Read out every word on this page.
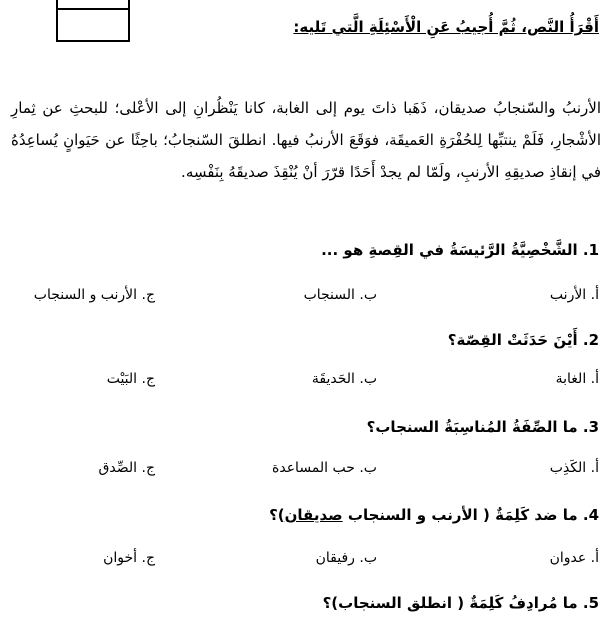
أَقْرَأُ النَّص، ثُمَّ أُجيبُ عَنِ الْأَسْئِلَةِ الَّتي تَليه:
الأرنبُ والسّنجابُ صديقان، ذَهَبا ذاتَ يوم إلى الغابة، كانا يَنْظُرانِ إلى الأعْلى؛ للبحثِ عن ثِمارِ الأشْجارِ، فَلَمْ ينتبِّها لِلحُفْرَةِ العَميقَة، فوَقَعَ الأرنبُ فيها. انطلقَ السّنجابُ؛ باحِثًا عن حَيَوانٍ يُساعِدُهُ في إنقاذِ صديقِهِ الأرنبِ، ولَمّا لم يجدْ أَحَدًا قرّرَ أنْ يُنْقِذَ صديقَهُ بِنَفْسِه.
1. الشَّخْصِيَّةُ الرَّئيسَةُ في القِصةِ هو ...
أ. الأرنب
ب. السنجاب
ج. الأرنب و السنجاب
2. أَيْنَ حَدَثَتْ القِصّة؟
أ. الغابة
ب. الحَديقَة
ج. البَيْت
3. ما الصِّفَةُ المُناسِبَةُ السنجاب؟
أ. الكَذِب
ب. حب المساعدة
ج. الصِّدق
4. ما ضد كَلِمَةٌ ( الأرنب و السنجاب صديقان)؟
أ. عدوان
ب. رفيقان
ج. أخوان
5. ما مُرادِفُ كَلِمَةٌ ( انطلق السنجاب)؟
